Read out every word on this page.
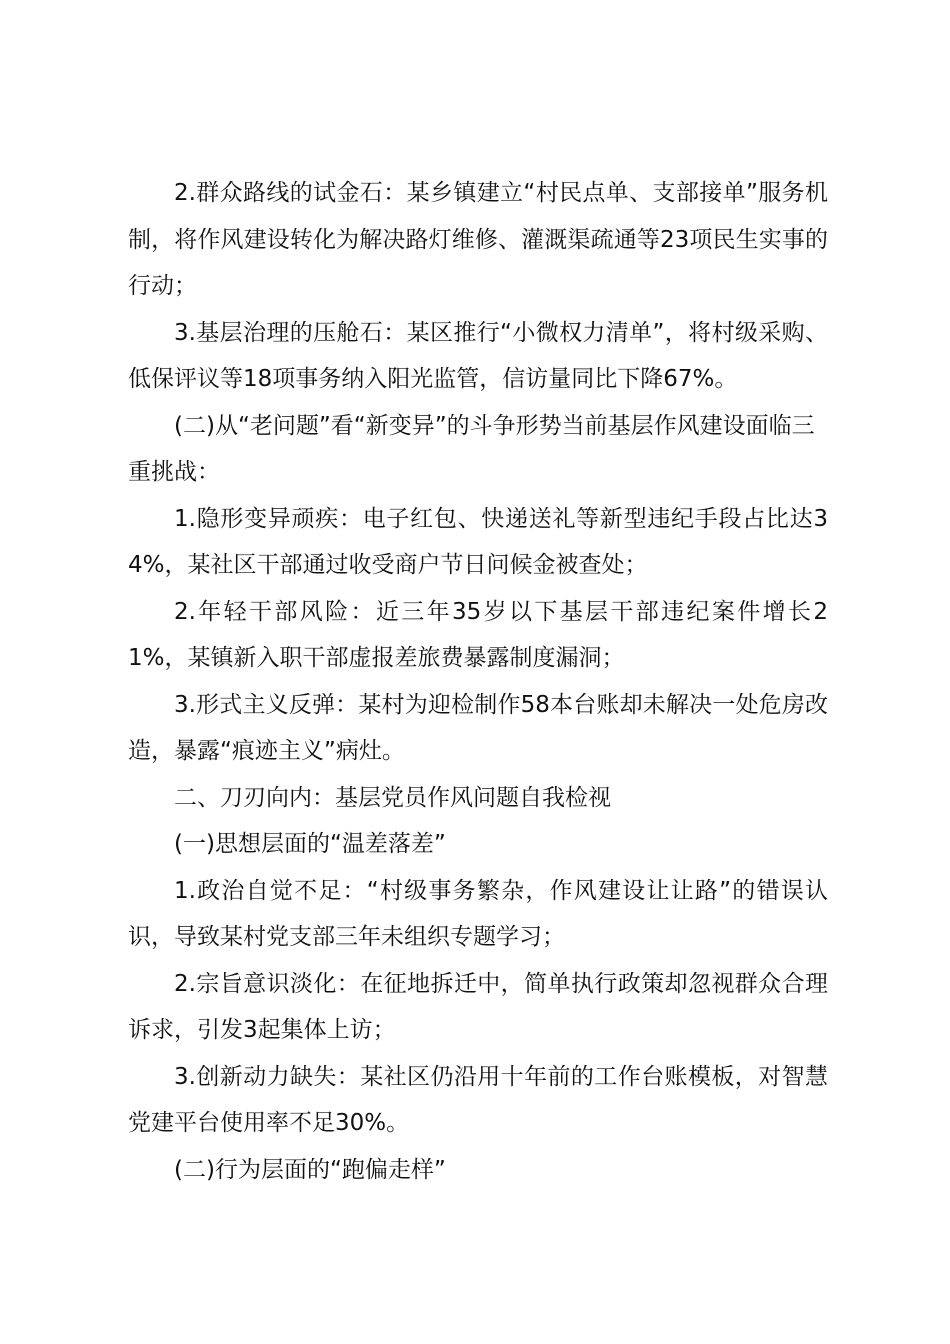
2.群众路线的试金石：某乡镇建立“村民点单、支部接单”服务机制，将作风建设转化为解决路灯维修、灌溉渠疏通等23项民生实事的行动；

3.基层治理的压舱石：某区推行“小微权力清单”，将村级采购、低保评议等18项事务纳入阳光监管，信访量同比下降67%。

(二)从“老问题”看“新变异”的斗争形势当前基层作风建设面临三重挑战：

1.隐形变异顽疾：电子红包、快递送礼等新型违纪手段占比达34%，某社区干部通过收受商户节日问候金被查处；

2.年轻干部风险：近三年35岁以下基层干部违纪案件增长21%，某镇新入职干部虚报差旅费暴露制度漏洞；

3.形式主义反弹：某村为迎检制作58本台账却未解决一处危房改造，暴露“痕迹主义”病灶。

二、刀刃向内：基层党员作风问题自我检视

(一)思想层面的“温差落差”

1.政治自觉不足：“村级事务繁杂，作风建设让让路”的错误认识，导致某村党支部三年未组织专题学习；

2.宗旨意识淡化：在征地拆迁中，简单执行政策却忽视群众合理诉求，引发3起集体上访；

3.创新动力缺失：某社区仍沿用十年前的工作台账模板，对智慧党建平台使用率不足30%。

(二)行为层面的“跑偏走样”
